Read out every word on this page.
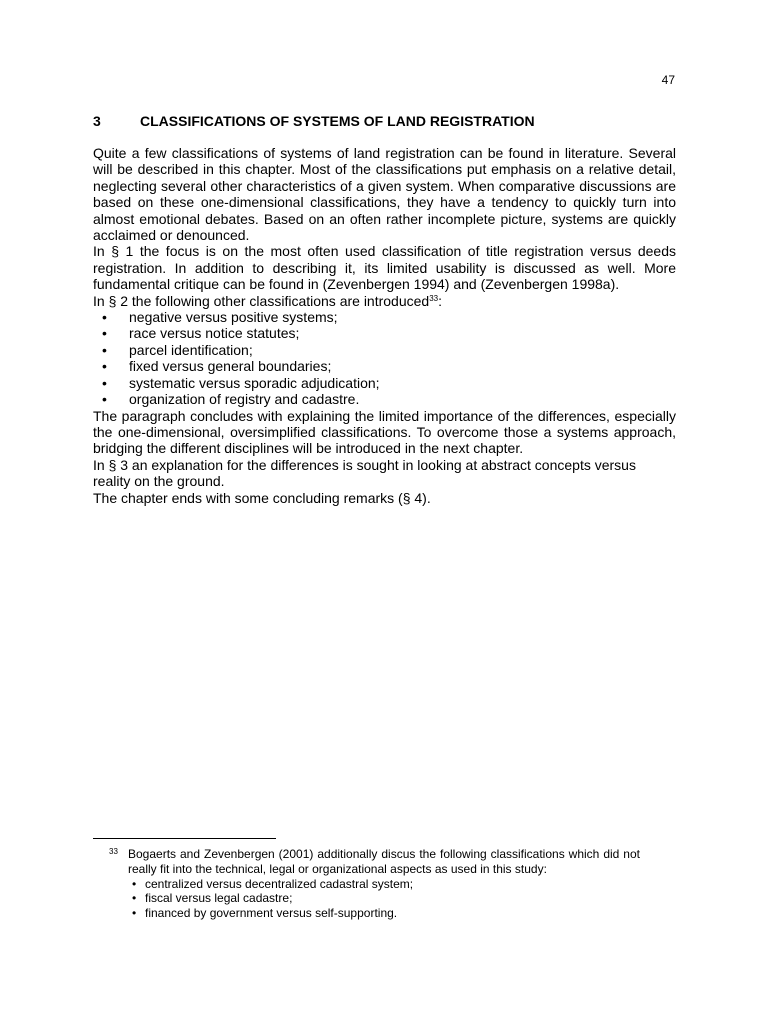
47
3	CLASSIFICATIONS OF SYSTEMS OF LAND REGISTRATION

Quite a few classifications of systems of land registration can be found in literature. Several will be described in this chapter. Most of the classifications put emphasis on a relative detail, neglecting several other characteristics of a given system. When comparative discussions are based on these one-dimensional classifications, they have a tendency to quickly turn into almost emotional debates. Based on an often rather incomplete picture, systems are quickly acclaimed or denounced.

In § 1 the focus is on the most often used classification of title registration versus deeds registration. In addition to describing it, its limited usability is discussed as well. More fundamental critique can be found in (Zevenbergen 1994) and (Zevenbergen 1998a).

In § 2 the following other classifications are introduced$^{33}$:

•	negative versus positive systems;
•	race versus notice statutes;
•	parcel identification;
•	fixed versus general boundaries;
•	systematic versus sporadic adjudication;
•	organization of registry and cadastre.

The paragraph concludes with explaining the limited importance of the differences, especially the one-dimensional, oversimplified classifications. To overcome those a systems approach, bridging the different disciplines will be introduced in the next chapter.

In § 3 an explanation for the differences is sought in looking at abstract concepts versus reality on the ground.

The chapter ends with some concluding remarks (§ 4).

33 Bogaerts and Zevenbergen (2001) additionally discus the following classifications which did not really fit into the technical, legal or organizational aspects as used in this study:

• centralized versus decentralized cadastral system;
• fiscal versus legal cadastre;
• financed by government versus self-supporting.
